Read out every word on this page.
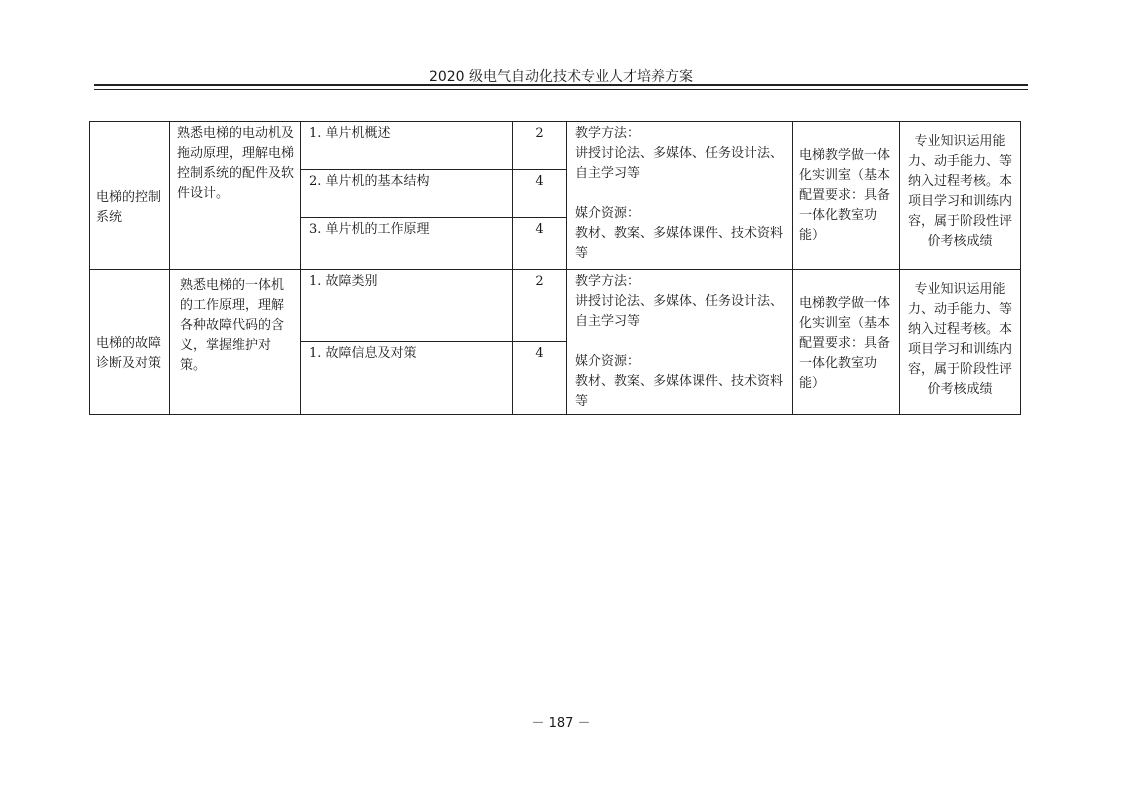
2020 级电气自动化技术专业人才培养方案
电梯的控制系统	熟悉电梯的电动机及拖动原理，理解电梯控制系统的配件及软件设计。	1. 单片机概述	2	教学方法：
讲授讨论法、多媒体、任务设计法、自主学习等
媒介资源：
教材、教案、多媒体课件、技术资料等	电梯教学做一体化实训室（基本配置要求：具备一体化教室功能）	专业知识运用能力、动手能力、等纳入过程考核。本项目学习和训练内容，属于阶段性评价考核成绩
		2. 单片机的基本结构	4			
		3. 单片机的工作原理	4			
电梯的故障诊断及对策	熟悉电梯的一体机的工作原理，理解各种故障代码的含义，掌握维护对策。	1. 故障类别	2	教学方法：
讲授讨论法、多媒体、任务设计法、自主学习等
媒介资源：
教材、教案、多媒体课件、技术资料等	电梯教学做一体化实训室（基本配置要求：具备一体化教室功能）	专业知识运用能力、动手能力、等纳入过程考核。本项目学习和训练内容，属于阶段性评价考核成绩
		1. 故障信息及对策	4			
－ 187 －
